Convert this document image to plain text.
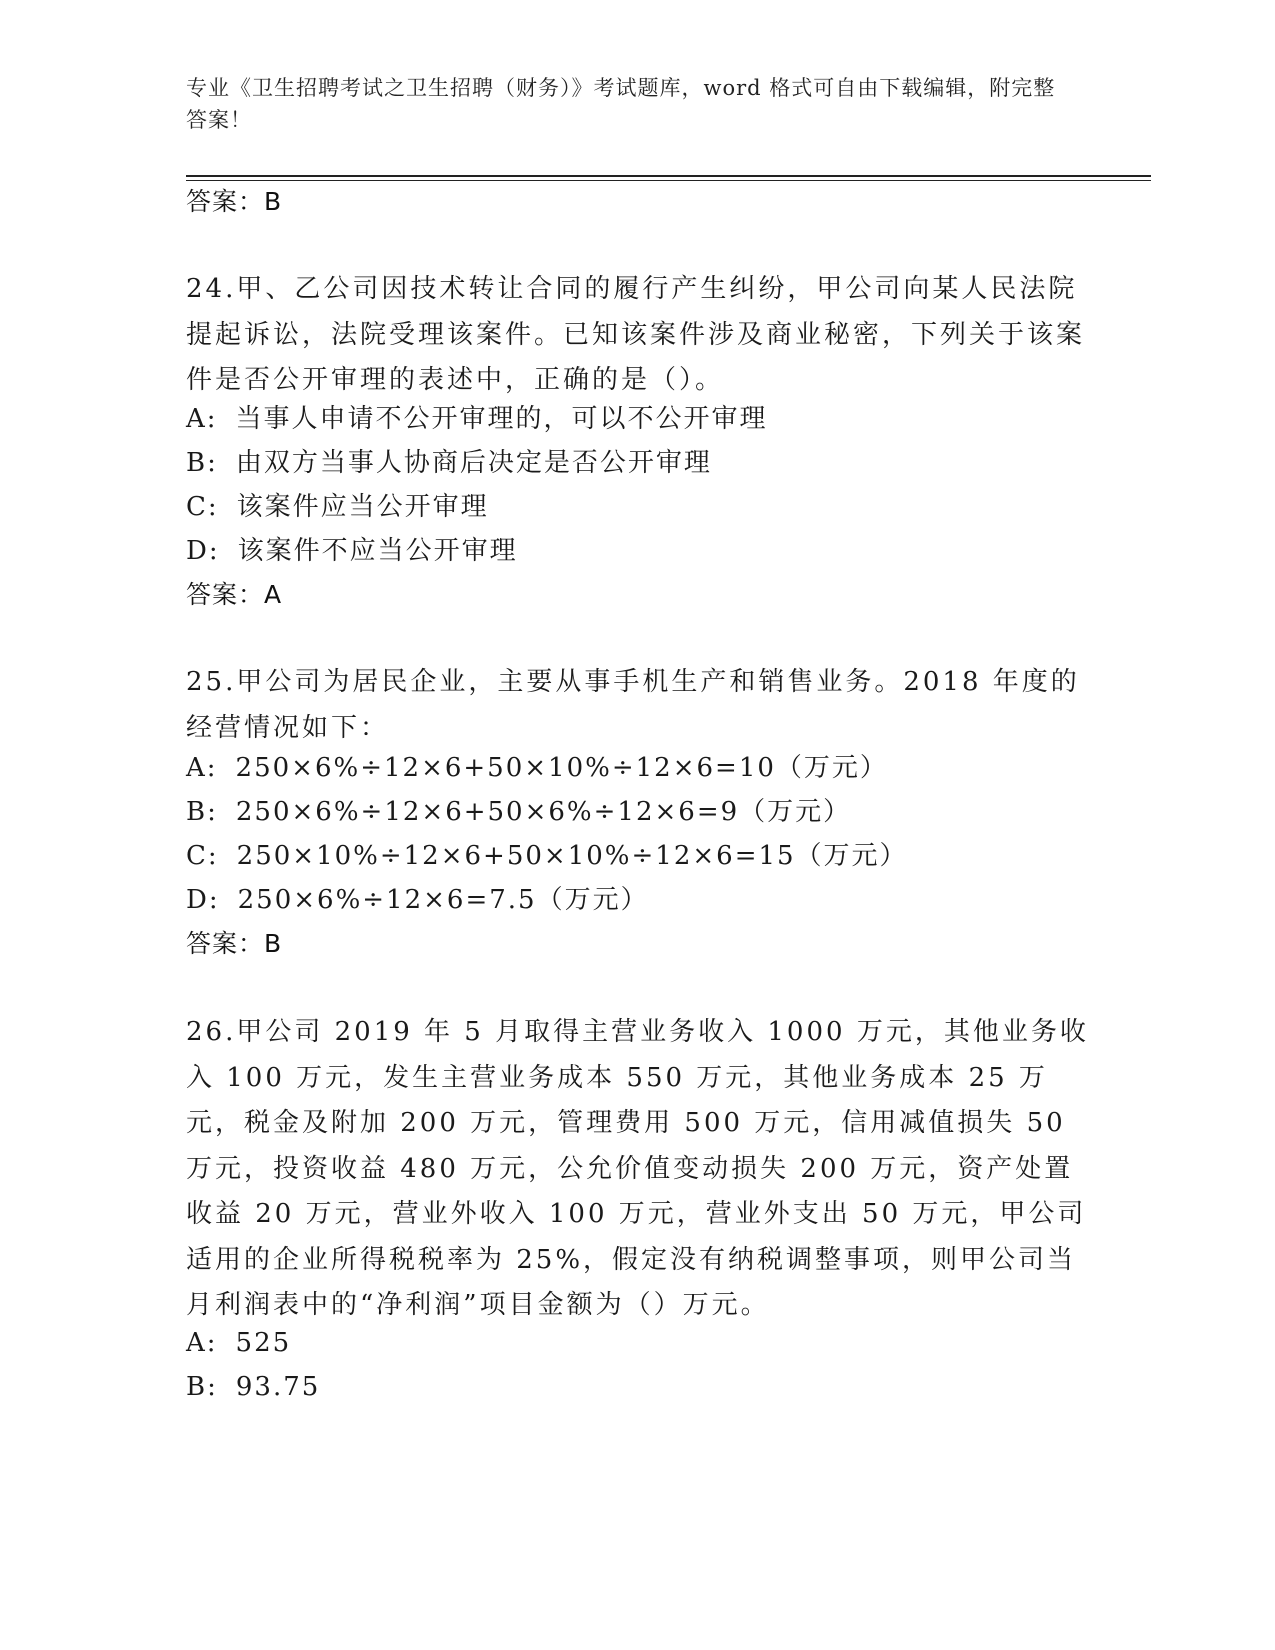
专业《卫生招聘考试之卫生招聘（财务）》考试题库，word 格式可自由下载编辑，附完整答案！
答案：B
24.甲、乙公司因技术转让合同的履行产生纠纷，甲公司向某人民法院提起诉讼，法院受理该案件。已知该案件涉及商业秘密，下列关于该案件是否公开审理的表述中，正确的是（）。
A: 当事人申请不公开审理的，可以不公开审理
B: 由双方当事人协商后决定是否公开审理
C: 该案件应当公开审理
D: 该案件不应当公开审理
答案：A
25.甲公司为居民企业，主要从事手机生产和销售业务。2018 年度的经营情况如下：
A: 250×6%÷12×6+50×10%÷12×6=10（万元）
B: 250×6%÷12×6+50×6%÷12×6=9（万元）
C: 250×10%÷12×6+50×10%÷12×6=15（万元）
D: 250×6%÷12×6=7.5（万元）
答案：B
26.甲公司 2019 年 5 月取得主营业务收入 1000 万元，其他业务收入 100 万元，发生主营业务成本 550 万元，其他业务成本 25 万元，税金及附加 200 万元，管理费用 500 万元，信用减值损失 50 万元，投资收益 480 万元，公允价值变动损失 200 万元，资产处置收益 20 万元，营业外收入 100 万元，营业外支出 50 万元，甲公司适用的企业所得税税率为 25%，假定没有纳税调整事项，则甲公司当月利润表中的“净利润”项目金额为（）万元。
A: 525
B: 93.75
